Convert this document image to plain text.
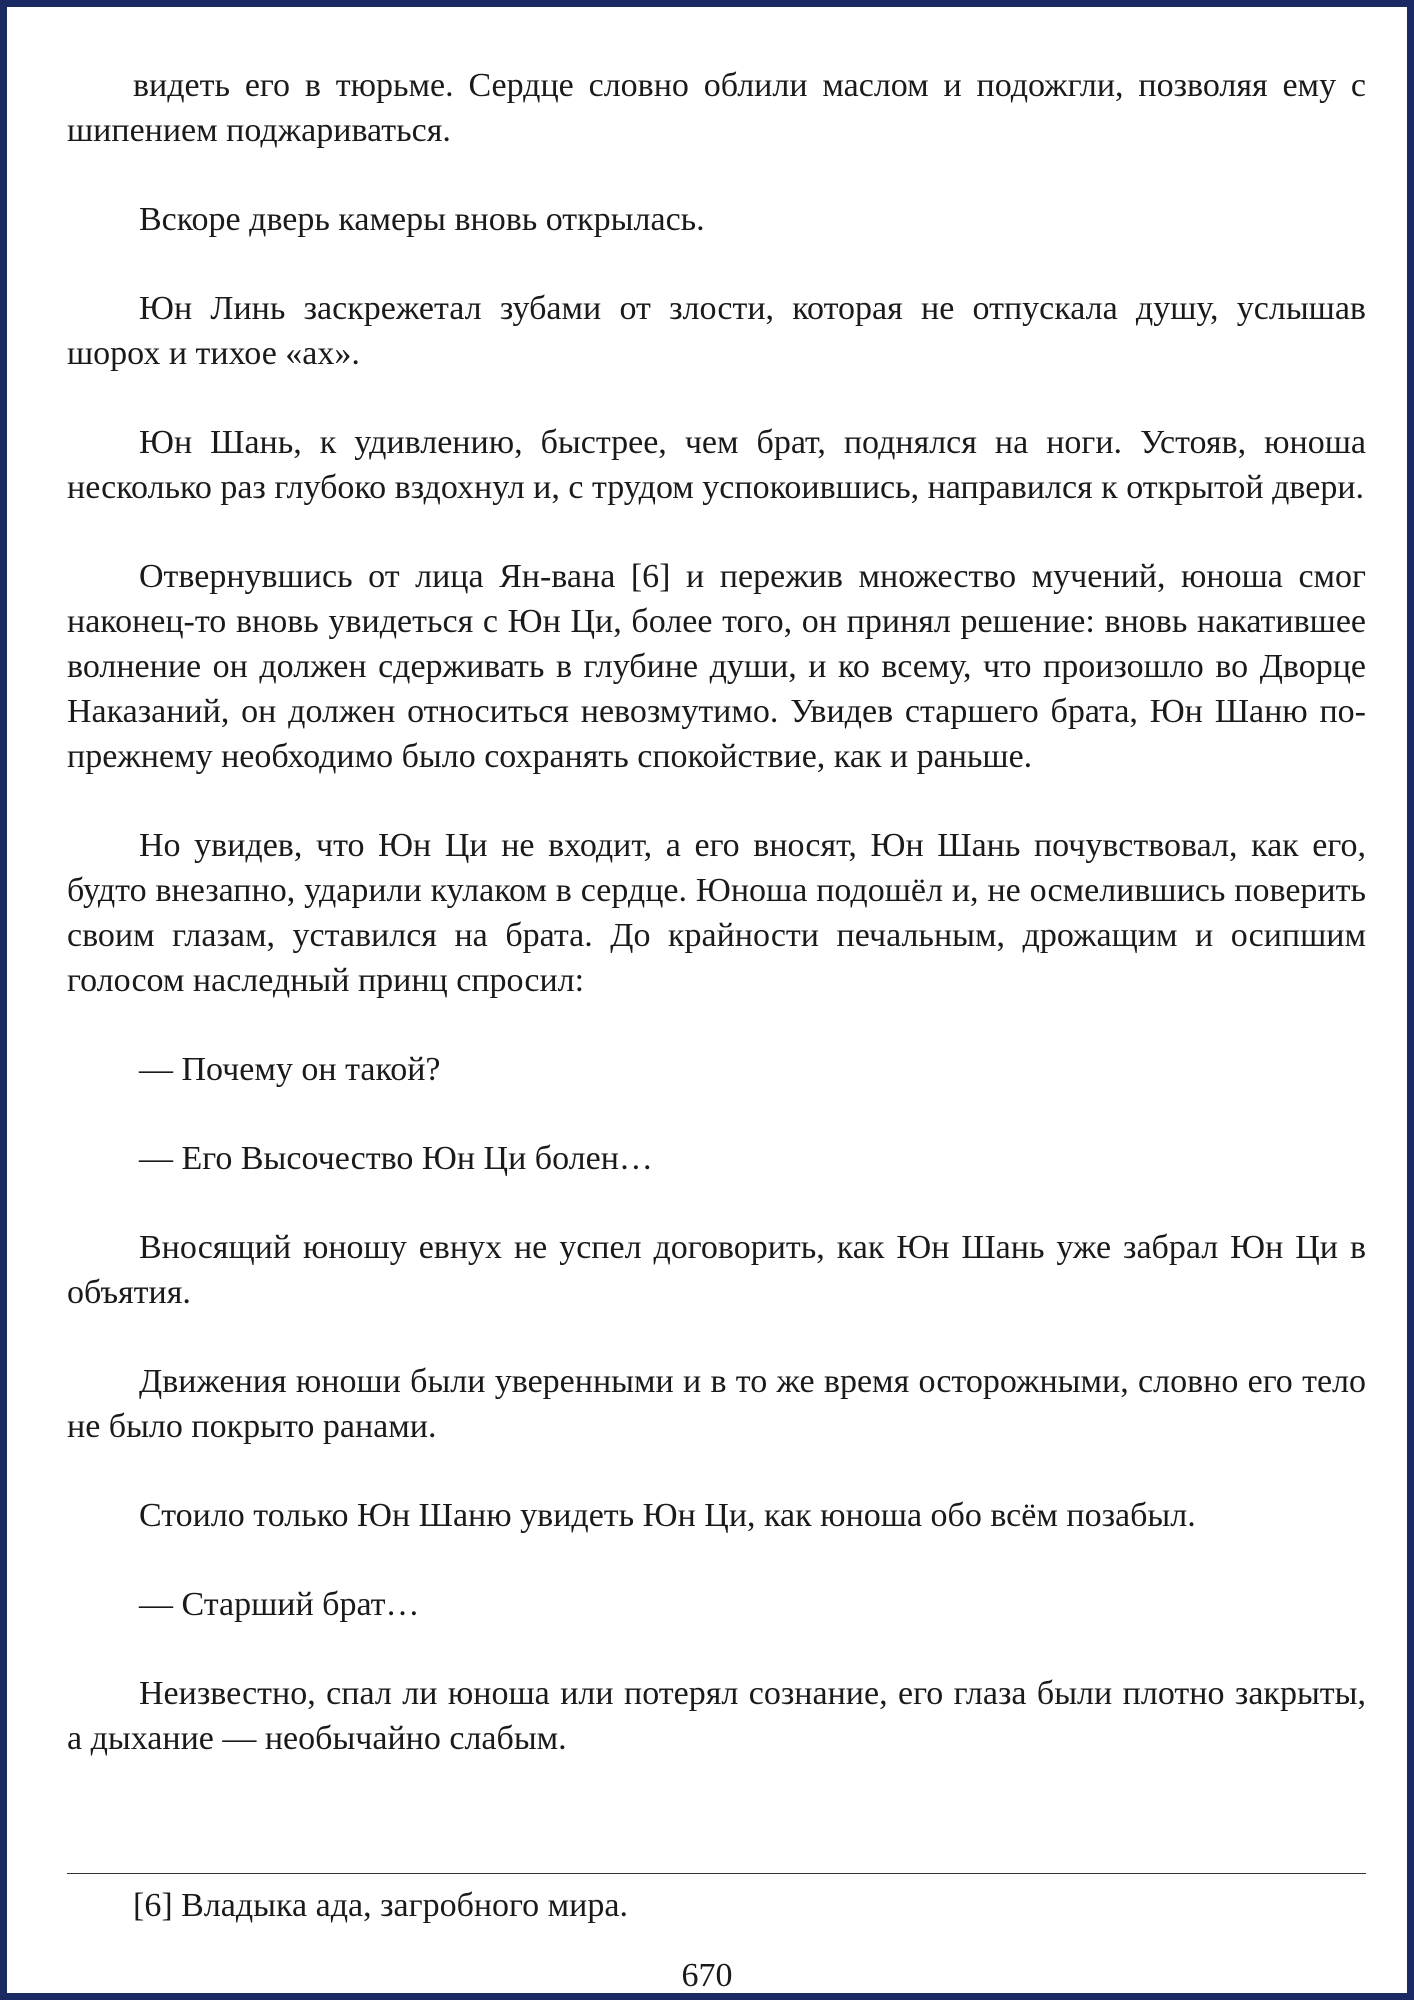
видеть его в тюрьме. Сердце словно облили маслом и подожгли, позволяя ему с шипением поджариваться.

Вскоре дверь камеры вновь открылась.

Юн Линь заскрежетал зубами от злости, которая не отпускала душу, услышав шорох и тихое «ах».

Юн Шань, к удивлению, быстрее, чем брат, поднялся на ноги. Устояв, юноша несколько раз глубоко вздохнул и, с трудом успокоившись, направился к открытой двери.

Отвернувшись от лица Ян-вана [6] и пережив множество мучений, юноша смог наконец-то вновь увидеться с Юн Ци, более того, он принял решение: вновь накатившее волнение он должен сдерживать в глубине души, и ко всему, что произошло во Дворце Наказаний, он должен относиться невозмутимо. Увидев старшего брата, Юн Шаню по-прежнему необходимо было сохранять спокойствие, как и раньше.

Но увидев, что Юн Ци не входит, а его вносят, Юн Шань почувствовал, как его, будто внезапно, ударили кулаком в сердце. Юноша подошёл и, не осмелившись поверить своим глазам, уставился на брата. До крайности печальным, дрожащим и осипшим голосом наследный принц спросил:

— Почему он такой?

— Его Высочество Юн Ци болен…

Вносящий юношу евнух не успел договорить, как Юн Шань уже забрал Юн Ци в объятия.

Движения юноши были уверенными и в то же время осторожными, словно его тело не было покрыто ранами.

Стоило только Юн Шаню увидеть Юн Ци, как юноша обо всём позабыл.

— Старший брат…

Неизвестно, спал ли юноша или потерял сознание, его глаза были плотно закрыты, а дыхание — необычайно слабым.

[6] Владыка ада, загробного мира.
670
